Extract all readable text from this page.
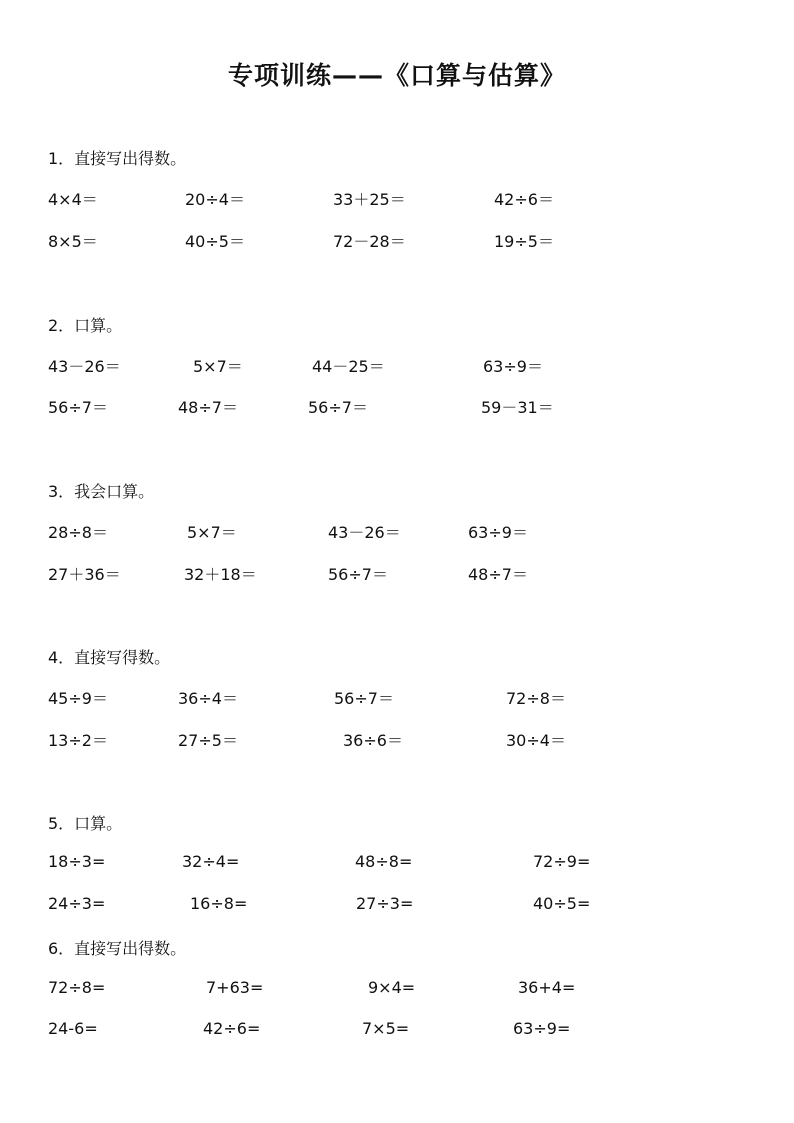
专项训练——《口算与估算》
1．直接写出得数。
4×4＝	20÷4＝	33＋25＝	42÷6＝
8×5＝	40÷5＝	72－28＝	19÷5＝
2．口算。
43－26＝	5×7＝	44－25＝	63÷9＝
56÷7＝	48÷7＝	56÷7＝	59－31＝
3．我会口算。
28÷8＝	5×7＝	43－26＝	63÷9＝
27＋36＝	32＋18＝	56÷7＝	48÷7＝
4．直接写得数。
45÷9＝	36÷4＝	56÷7＝	72÷8＝
13÷2＝	27÷5＝	36÷6＝	30÷4＝
5．口算。
18÷3=	32÷4=	48÷8=	72÷9=
24÷3=	16÷8=	27÷3=	40÷5=
6．直接写出得数。
72÷8=	7+63=	9×4=	36+4=
24-6=	42÷6=	7×5=	63÷9=
